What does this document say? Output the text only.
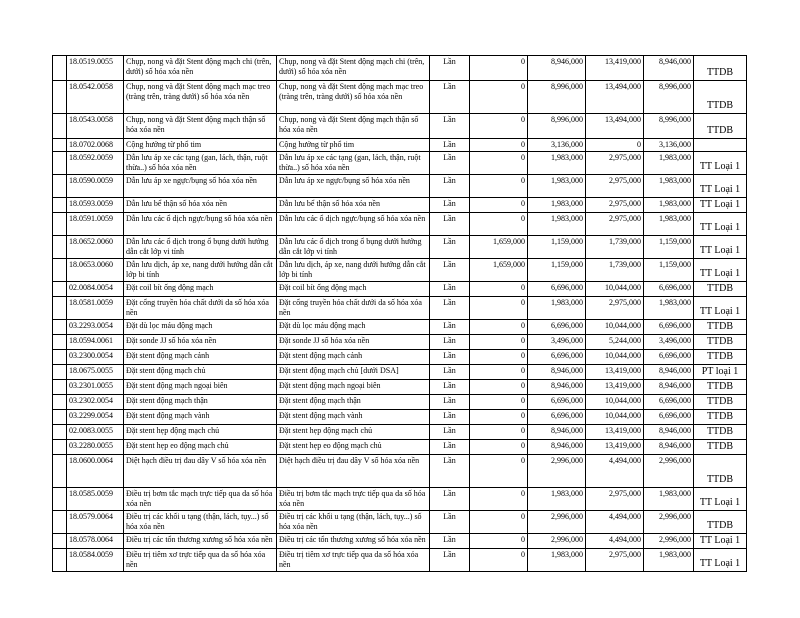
	18.0519.0055	Chụp, nong và đặt Stent động mạch chi (trên, dưới) số hóa xóa nền	Chụp, nong và đặt Stent động mạch chi (trên, dưới) số hóa xóa nền	Lần	0	8,946,000	13,419,000	8,946,000	TTDB
	18.0542.0058	Chụp, nong và đặt Stent động mạch mạc treo (tràng trên, tràng dưới) số hóa xóa nền	Chụp, nong và đặt Stent động mạch mạc treo (tràng trên, tràng dưới) số hóa xóa nền	Lần	0	8,996,000	13,494,000	8,996,000	TTDB
	18.0543.0058	Chụp, nong và đặt Stent động mạch thận số hóa xóa nền	Chụp, nong và đặt Stent động mạch thận số hóa xóa nền	Lần	0	8,996,000	13,494,000	8,996,000	TTDB
	18.0702.0068	Cộng hưởng từ phổ tim	Cộng hưởng từ phổ tim	Lần	0	3,136,000	0	3,136,000	
	18.0592.0059	Dẫn lưu áp xe các tạng (gan, lách, thận, ruột thừa..) số hóa xóa nền	Dẫn lưu áp xe các tạng (gan, lách, thận, ruột thừa..) số hóa xóa nền	Lần	0	1,983,000	2,975,000	1,983,000	TT Loại 1
	18.0590.0059	Dẫn lưu áp xe ngực/bụng số hóa xóa nền	Dẫn lưu áp xe ngực/bụng số hóa xóa nền	Lần	0	1,983,000	2,975,000	1,983,000	TT Loại 1
	18.0593.0059	Dẫn lưu bể thận số hóa xóa nền	Dẫn lưu bể thận số hóa xóa nền	Lần	0	1,983,000	2,975,000	1,983,000	TT Loại 1
	18.0591.0059	Dẫn lưu các ổ dịch ngực/bụng số hóa xóa nền	Dẫn lưu các ổ dịch ngực/bụng số hóa xóa nền	Lần	0	1,983,000	2,975,000	1,983,000	TT Loại 1
	18.0652.0060	Dẫn lưu các ổ dịch trong ổ bụng dưới hướng dẫn cắt lớp vi tính	Dẫn lưu các ổ dịch trong ổ bụng dưới hướng dẫn cắt lớp vi tính	Lần	1,659,000	1,159,000	1,739,000	1,159,000	TT Loại 1
	18.0653.0060	Dẫn lưu dịch, áp xe, nang dưới hướng dẫn cắt lớp bi tính	Dẫn lưu dịch, áp xe, nang dưới hướng dẫn cắt lớp bi tính	Lần	1,659,000	1,159,000	1,739,000	1,159,000	TT Loại 1
	02.0084.0054	Đặt coil bít ống động mạch	Đặt coil bít ống động mạch	Lần	0	6,696,000	10,044,000	6,696,000	TTDB
	18.0581.0059	Đặt cổng truyền hóa chất dưới da số hóa xóa nền	Đặt cổng truyền hóa chất dưới da số hóa xóa nền	Lần	0	1,983,000	2,975,000	1,983,000	TT Loại 1
	03.2293.0054	Đặt dù lọc máu động mạch	Đặt dù lọc máu động mạch	Lần	0	6,696,000	10,044,000	6,696,000	TTDB
	18.0594.0061	Đặt sonde JJ số hóa xóa nền	Đặt sonde JJ số hóa xóa nền	Lần	0	3,496,000	5,244,000	3,496,000	TTDB
	03.2300.0054	Đặt stent động mạch cảnh	Đặt stent động mạch cảnh	Lần	0	6,696,000	10,044,000	6,696,000	TTDB
	18.0675.0055	Đặt stent động mạch chủ	Đặt stent động mạch chủ [dưới DSA]	Lần	0	8,946,000	13,419,000	8,946,000	PT loại 1
	03.2301.0055	Đặt stent động mạch ngoại biên	Đặt stent động mạch ngoại biên	Lần	0	8,946,000	13,419,000	8,946,000	TTDB
	03.2302.0054	Đặt stent động mạch thận	Đặt stent động mạch thận	Lần	0	6,696,000	10,044,000	6,696,000	TTDB
	03.2299.0054	Đặt stent động mạch vành	Đặt stent động mạch vành	Lần	0	6,696,000	10,044,000	6,696,000	TTDB
	02.0083.0055	Đặt stent hẹp động mạch chủ	Đặt stent hẹp động mạch chủ	Lần	0	8,946,000	13,419,000	8,946,000	TTDB
	03.2280.0055	Đặt stent hẹp eo động mạch chủ	Đặt stent hẹp eo động mạch chủ	Lần	0	8,946,000	13,419,000	8,946,000	TTDB
	18.0600.0064	Diệt hạch điều trị đau dây V số hóa xóa nền	Diệt hạch điều trị đau dây V số hóa xóa nền	Lần	0	2,996,000	4,494,000	2,996,000	TTDB
	18.0585.0059	Điều trị bơm tắc mạch trực tiếp qua da số hóa xóa nền	Điều trị bơm tắc mạch trực tiếp qua da số hóa xóa nền	Lần	0	1,983,000	2,975,000	1,983,000	TT Loại 1
	18.0579.0064	Điều trị các khối u tạng (thận, lách, tụy...) số hóa xóa nền	Điều trị các khối u tạng (thận, lách, tụy...) số hóa xóa nền	Lần	0	2,996,000	4,494,000	2,996,000	TTDB
	18.0578.0064	Điều trị các tổn thương xương số hóa xóa nền	Điều trị các tổn thương xương số hóa xóa nền	Lần	0	2,996,000	4,494,000	2,996,000	TT Loại 1
	18.0584.0059	Điều trị tiêm xơ trực tiếp qua da số hóa xóa nền	Điều trị tiêm xơ trực tiếp qua da số hóa xóa nền	Lần	0	1,983,000	2,975,000	1,983,000	TT Loại 1
